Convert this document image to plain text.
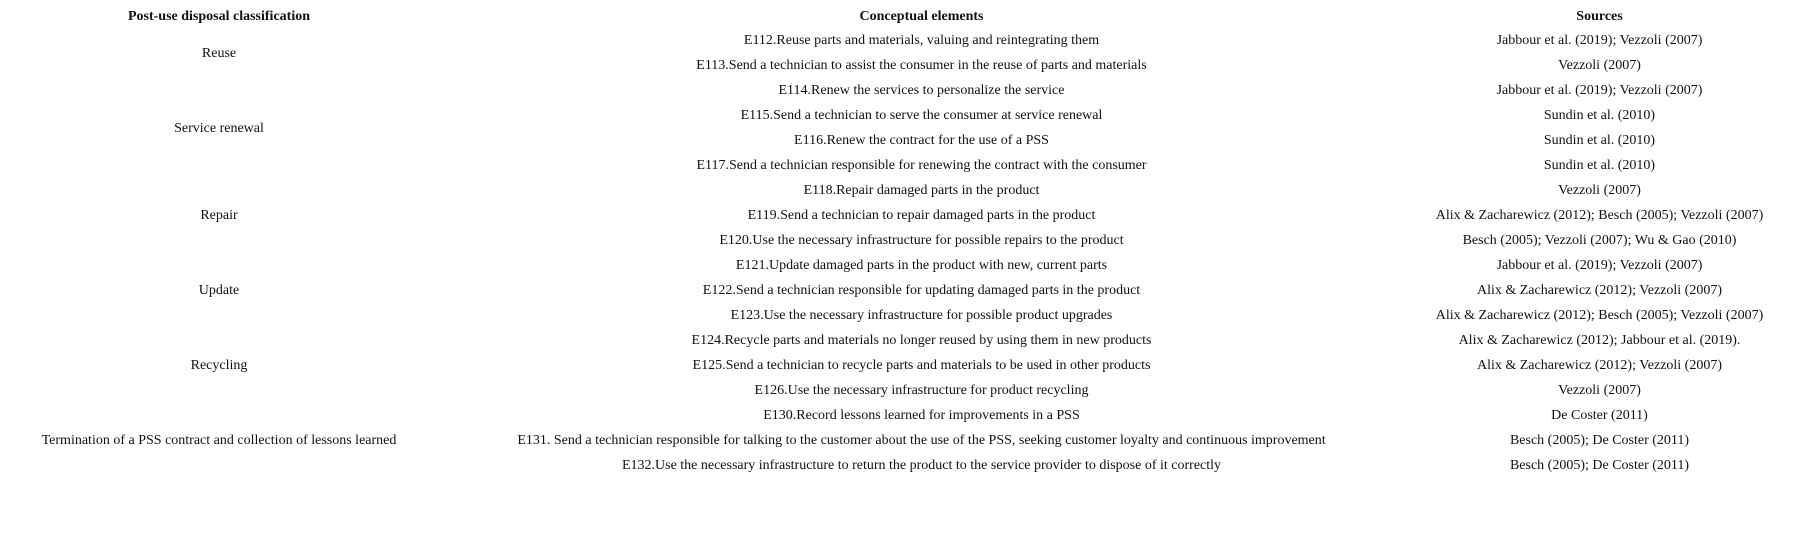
Post-use disposal classification	Conceptual elements	Sources
Reuse	E112.Reuse parts and materials, valuing and reintegrating them	Jabbour et al. (2019); Vezzoli (2007)
	E113.Send a technician to assist the consumer in the reuse of parts and materials	Vezzoli (2007)
Service renewal	E114.Renew the services to personalize the service	Jabbour et al. (2019); Vezzoli (2007)
	E115.Send a technician to serve the consumer at service renewal	Sundin et al. (2010)
	E116.Renew the contract for the use of a PSS	Sundin et al. (2010)
	E117.Send a technician responsible for renewing the contract with the consumer	Sundin et al. (2010)
Repair	E118.Repair damaged parts in the product	Vezzoli (2007)
	E119.Send a technician to repair damaged parts in the product	Alix & Zacharewicz (2012); Besch (2005); Vezzoli (2007)
	E120.Use the necessary infrastructure for possible repairs to the product	Besch (2005); Vezzoli (2007); Wu & Gao (2010)
Update	E121.Update damaged parts in the product with new, current parts	Jabbour et al. (2019); Vezzoli (2007)
	E122.Send a technician responsible for updating damaged parts in the product	Alix & Zacharewicz (2012); Vezzoli (2007)
	E123.Use the necessary infrastructure for possible product upgrades	Alix & Zacharewicz (2012); Besch (2005); Vezzoli (2007)
Recycling	E124.Recycle parts and materials no longer reused by using them in new products	Alix & Zacharewicz (2012); Jabbour et al. (2019).
	E125.Send a technician to recycle parts and materials to be used in other products	Alix & Zacharewicz (2012); Vezzoli (2007)
	E126.Use the necessary infrastructure for product recycling	Vezzoli (2007)
Termination of a PSS contract and collection of lessons learned	E130.Record lessons learned for improvements in a PSS	De Coster (2011)
	E131. Send a technician responsible for talking to the customer about the use of the PSS, seeking customer loyalty and continuous improvement	Besch (2005); De Coster (2011)
	E132.Use the necessary infrastructure to return the product to the service provider to dispose of it correctly	Besch (2005); De Coster (2011)
